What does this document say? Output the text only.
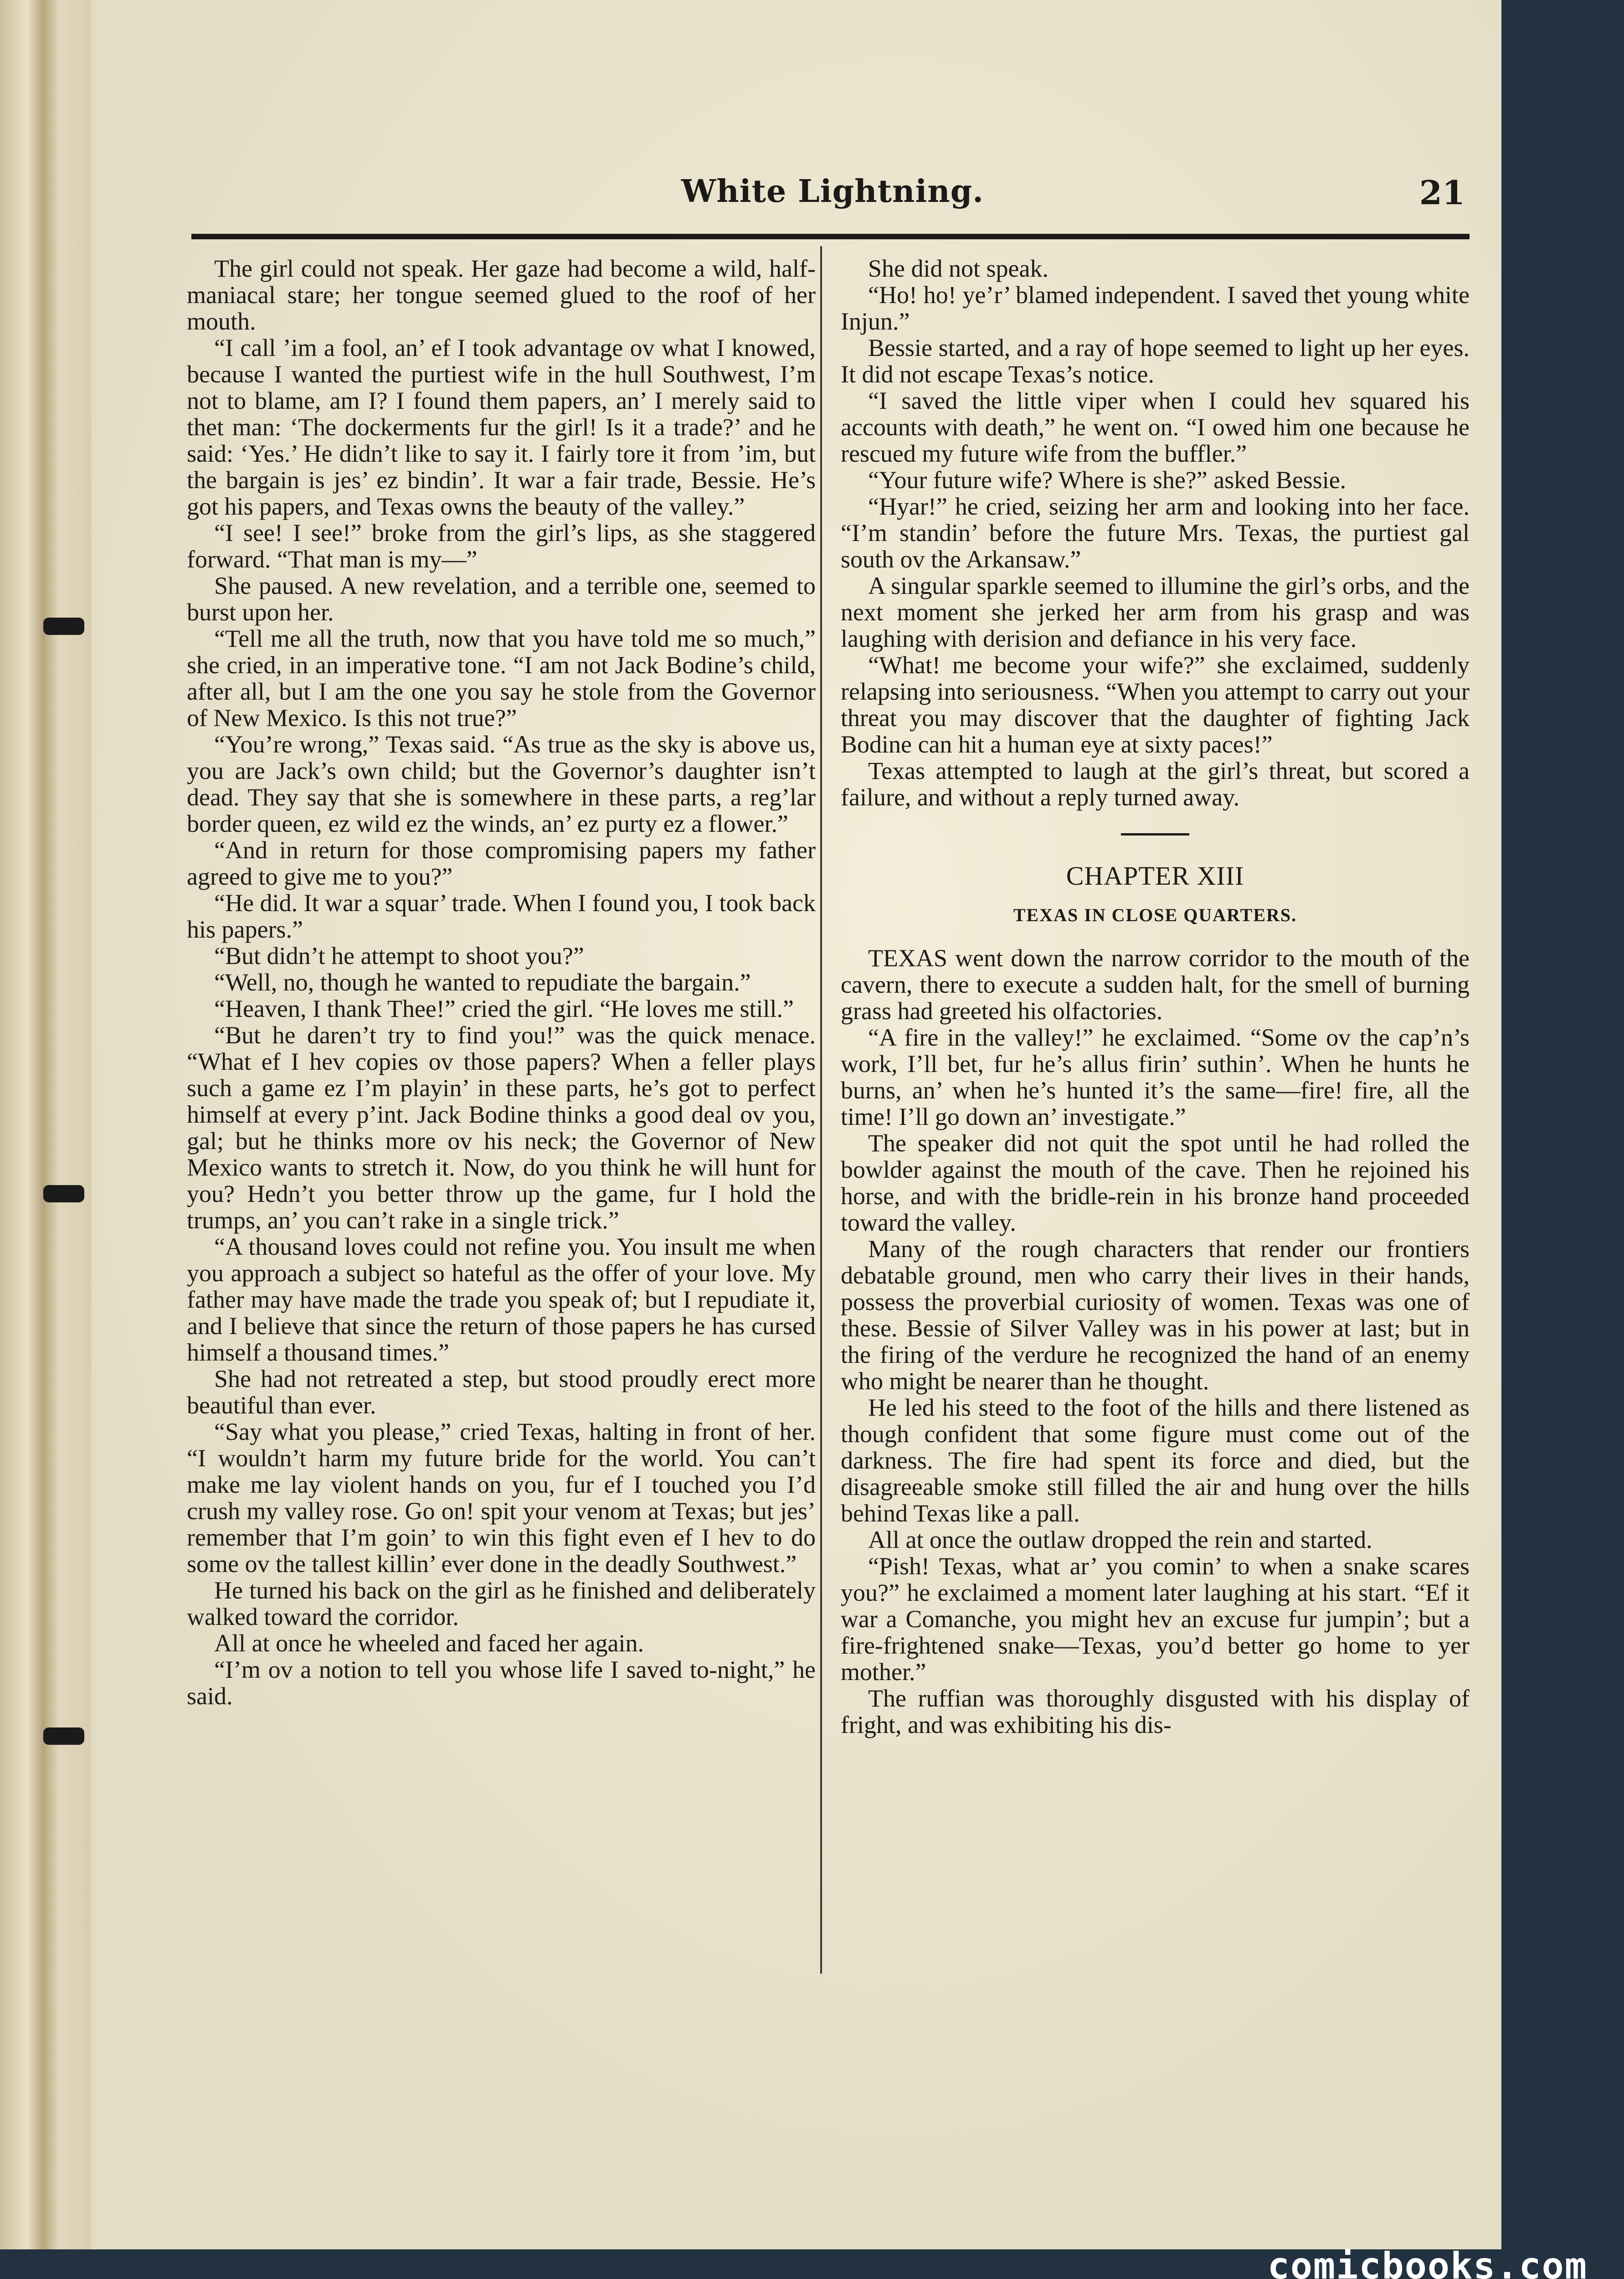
White Lightning.	21

The girl could not speak. Her gaze had become a wild, half-maniacal stare; her tongue seemed glued to the roof of her mouth.

“I call ’im a fool, an’ ef I took advantage ov what I knowed, because I wanted the purtiest wife in the hull Southwest, I’m not to blame, am I? I found them papers, an’ I merely said to thet man: ‘The dockerments fur the girl! Is it a trade?’ and he said: ‘Yes.’ He didn’t like to say it. I fairly tore it from ’im, but the bargain is jes’ ez bindin’. It war a fair trade, Bessie. He’s got his papers, and Texas owns the beauty of the valley.”

“I see! I see!” broke from the girl’s lips, as she staggered forward. “That man is my—”

She paused. A new revelation, and a terrible one, seemed to burst upon her.

“Tell me all the truth, now that you have told me so much,” she cried, in an imperative tone. “I am not Jack Bodine’s child, after all, but I am the one you say he stole from the Governor of New Mexico. Is this not true?”

“You’re wrong,” Texas said. “As true as the sky is above us, you are Jack’s own child; but the Governor’s daughter isn’t dead. They say that she is somewhere in these parts, a reg’lar border queen, ez wild ez the winds, an’ ez purty ez a flower.”

“And in return for those compromising papers my father agreed to give me to you?”

“He did. It war a squar’ trade. When I found you, I took back his papers.”

“But didn’t he attempt to shoot you?”

“Well, no, though he wanted to repudiate the bargain.”

“Heaven, I thank Thee!” cried the girl. “He loves me still.”

“But he daren’t try to find you!” was the quick menace. “What ef I hev copies ov those papers? When a feller plays such a game ez I’m playin’ in these parts, he’s got to perfect himself at every p’int. Jack Bodine thinks a good deal ov you, gal; but he thinks more ov his neck; the Governor of New Mexico wants to stretch it. Now, do you think he will hunt for you? Hedn’t you better throw up the game, fur I hold the trumps, an’ you can’t rake in a single trick.”

“A thousand loves could not refine you. You insult me when you approach a subject so hateful as the offer of your love. My father may have made the trade you speak of; but I repudiate it, and I believe that since the return of those papers he has cursed himself a thousand times.”

She had not retreated a step, but stood proudly erect more beautiful than ever.

“Say what you please,” cried Texas, halting in front of her. “I wouldn’t harm my future bride for the world. You can’t make me lay violent hands on you, fur ef I touched you I’d crush my valley rose. Go on! spit your venom at Texas; but jes’ remember that I’m goin’ to win this fight even ef I hev to do some ov the tallest killin’ ever done in the deadly Southwest.”

He turned his back on the girl as he finished and deliberately walked toward the corridor.

All at once he wheeled and faced her again.

“I’m ov a notion to tell you whose life I saved to-night,” he said.

She did not speak.

“Ho! ho! ye’r’ blamed independent. I saved thet young white Injun.”

Bessie started, and a ray of hope seemed to light up her eyes. It did not escape Texas’s notice.

“I saved the little viper when I could hev squared his accounts with death,” he went on. “I owed him one because he rescued my future wife from the buffler.”

“Your future wife? Where is she?” asked Bessie.

“Hyar!” he cried, seizing her arm and looking into her face. “I’m standin’ before the future Mrs. Texas, the purtiest gal south ov the Arkansaw.”

A singular sparkle seemed to illumine the girl’s orbs, and the next moment she jerked her arm from his grasp and was laughing with derision and defiance in his very face.

“What! me become your wife?” she exclaimed, suddenly relapsing into seriousness. “When you attempt to carry out your threat you may discover that the daughter of fighting Jack Bodine can hit a human eye at sixty paces!”

Texas attempted to laugh at the girl’s threat, but scored a failure, and without a reply turned away.

CHAPTER XIII

TEXAS IN CLOSE QUARTERS.

TEXAS went down the narrow corridor to the mouth of the cavern, there to execute a sudden halt, for the smell of burning grass had greeted his olfactories.

“A fire in the valley!” he exclaimed. “Some ov the cap’n’s work, I’ll bet, fur he’s allus firin’ suthin’. When he hunts he burns, an’ when he’s hunted it’s the same—fire! fire, all the time! I’ll go down an’ investigate.”

The speaker did not quit the spot until he had rolled the bowlder against the mouth of the cave. Then he rejoined his horse, and with the bridle-rein in his bronze hand proceeded toward the valley.

Many of the rough characters that render our frontiers debatable ground, men who carry their lives in their hands, possess the proverbial curiosity of women. Texas was one of these. Bessie of Silver Valley was in his power at last; but in the firing of the verdure he recognized the hand of an enemy who might be nearer than he thought.

He led his steed to the foot of the hills and there listened as though confident that some figure must come out of the darkness. The fire had spent its force and died, but the disagreeable smoke still filled the air and hung over the hills behind Texas like a pall.

All at once the outlaw dropped the rein and started.

“Pish! Texas, what ar’ you comin’ to when a snake scares you?” he exclaimed a moment later laughing at his start. “Ef it war a Comanche, you might hev an excuse fur jumpin’; but a fire-frightened snake—Texas, you’d better go home to yer mother.”

The ruffian was thoroughly disgusted with his display of fright, and was exhibiting his dis-

comicbooks.com
